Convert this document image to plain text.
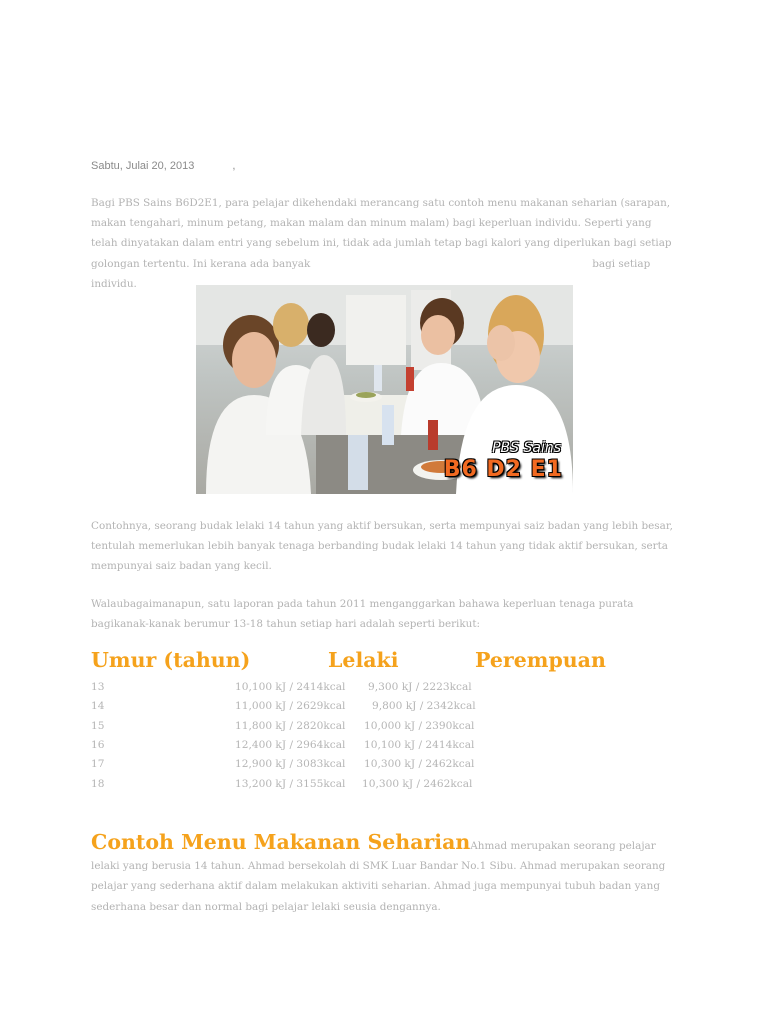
Sabtu, Julai 20, 2013	,

Bagi PBS Sains B6D2E1, para pelajar dikehendaki merancang satu contoh menu makanan seharian (sarapan, makan tengahari, minum petang, makan malam dan minum malam) bagi keperluan individu. Seperti yang telah dinyatakan dalam entri yang sebelum ini, tidak ada jumlah tetap bagi kalori yang diperlukan bagi setiap golongan tertentu. Ini kerana ada banyak	bagi setiap individu.

PBS Sains
B6 D2 E1

Contohnya, seorang budak lelaki 14 tahun yang aktif bersukan, serta mempunyai saiz badan yang lebih besar, tentulah memerlukan lebih banyak tenaga berbanding budak lelaki 14 tahun yang tidak aktif bersukan, serta mempunyai saiz badan yang kecil.

Walaubagaimanapun, satu laporan pada tahun 2011 menganggarkan bahawa keperluan tenaga purata bagikanak-kanak berumur 13-18 tahun setiap hari adalah seperti berikut:

Umur (tahun)	Lelaki	Perempuan
13	10,100 kJ / 2414kcal 9,300 kJ / 2223kcal
14	11,000 kJ / 2629kcal	9,800 kJ / 2342kcal
15	11,800 kJ / 2820kcal 10,000 kJ / 2390kcal
16	12,400 kJ / 2964kcal 10,100 kJ / 2414kcal
17	12,900 kJ / 3083kcal 10,300 kJ / 2462kcal
18	13,200 kJ / 3155kcal 10,300 kJ / 2462kcal

Contoh Menu Makanan SeharianAhmad merupakan seorang pelajar lelaki yang berusia 14 tahun. Ahmad bersekolah di SMK Luar Bandar No.1 Sibu. Ahmad merupakan seorang pelajar yang sederhana aktif dalam melakukan aktiviti seharian. Ahmad juga mempunyai tubuh badan yang sederhana besar dan normal bagi pelajar lelaki seusia dengannya.
